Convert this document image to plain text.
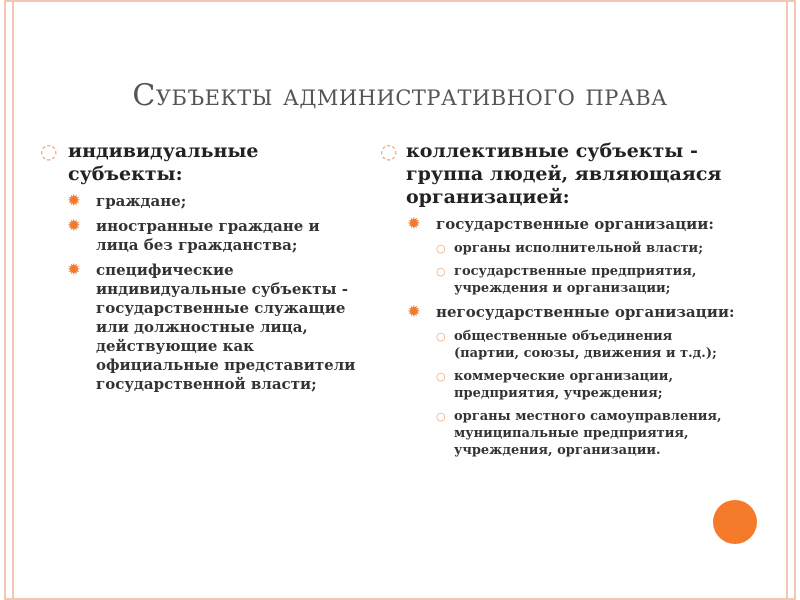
Субъекты административного права
◌ индивидуальные субъекты:
✹ граждане;
✹ иностранные граждане и лица без гражданства;
✹ специфические индивидуальные субъекты - государственные служащие или должностные лица, действующие как официальные представители государственной власти;
◌ коллективные субъекты - группа людей, являющаяся организацией:
✹ государственные организации:
○ органы исполнительной власти;
○ государственные предприятия, учреждения и организации;
✹ негосударственные организации:
○ общественные объединения (партии, союзы, движения и т.д.);
○ коммерческие организации, предприятия, учреждения;
○ органы местного самоуправления, муниципальные предприятия, учреждения, организации.
